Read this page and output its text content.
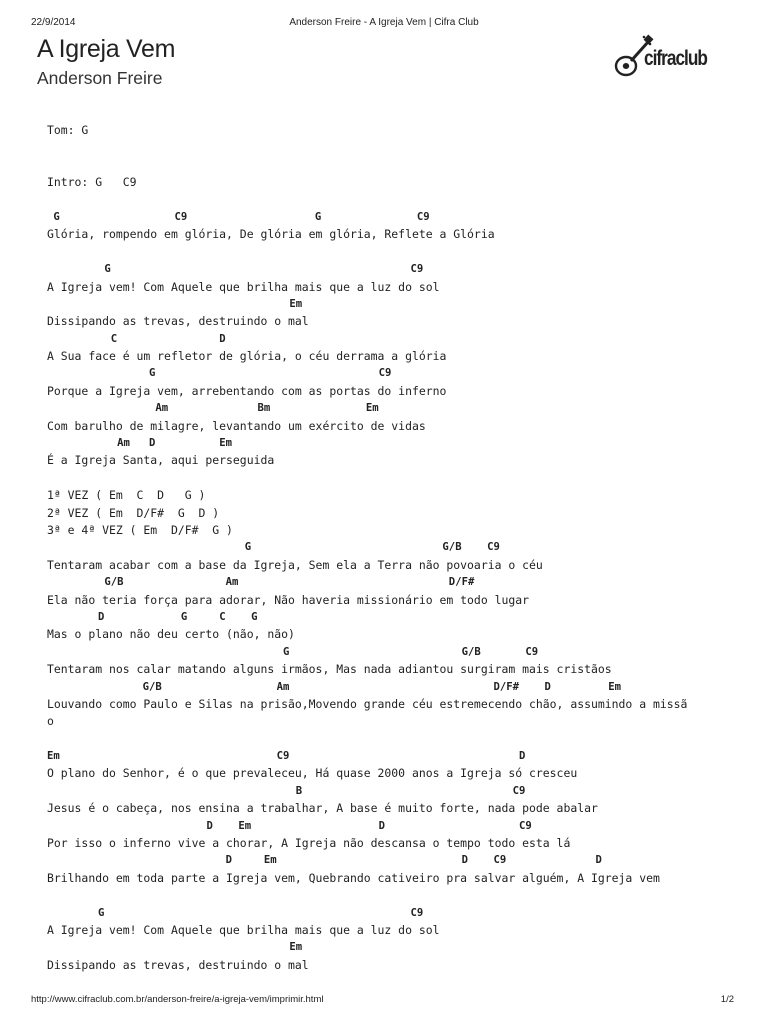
22/9/2014	Anderson Freire - A Igreja Vem | Cifra Club
A Igreja Vem
Anderson Freire
cifraclub
Tom: G
Intro: G   C9
G                  C9                    G               C9
Glória, rompendo em glória, De glória em glória, Reflete a Glória
G                                               C9
A Igreja vem! Com Aquele que brilha mais que a luz do sol
Em
Dissipando as trevas, destruindo o mal
C                D
A Sua face é um refletor de glória, o céu derrama a glória
G                                   C9
Porque a Igreja vem, arrebentando com as portas do inferno
Am              Bm               Em
Com barulho de milagre, levantando um exército de vidas
Am   D          Em
É a Igreja Santa, aqui perseguida
1ª VEZ ( Em  C  D   G )
2ª VEZ ( Em  D/F#  G  D )
3ª e 4ª VEZ ( Em  D/F#  G )
G                              G/B    C9
Tentaram acabar com a base da Igreja, Sem ela a Terra não povoaria o céu
G/B                Am                                 D/F#
Ela não teria força para adorar, Não haveria missionário em todo lugar
D            G     C    G
Mas o plano não deu certo (não, não)
G                           G/B       C9
Tentaram nos calar matando alguns irmãos, Mas nada adiantou surgiram mais cristãos
G/B                  Am                                D/F#    D         Em
Louvando como Paulo e Silas na prisão,Movendo grande céu estremecendo chão, assumindo a missã
o
Em                                  C9                                    D
O plano do Senhor, é o que prevaleceu, Há quase 2000 anos a Igreja só cresceu
B                                 C9
Jesus é o cabeça, nos ensina a trabalhar, A base é muito forte, nada pode abalar
D    Em                    D                     C9
Por isso o inferno vive a chorar, A Igreja não descansa o tempo todo esta lá
D     Em                             D    C9              D
Brilhando em toda parte a Igreja vem, Quebrando cativeiro pra salvar alguém, A Igreja vem
G                                                C9
A Igreja vem! Com Aquele que brilha mais que a luz do sol
Em
Dissipando as trevas, destruindo o mal
http://www.cifraclub.com.br/anderson-freire/a-igreja-vem/imprimir.html	1/2
